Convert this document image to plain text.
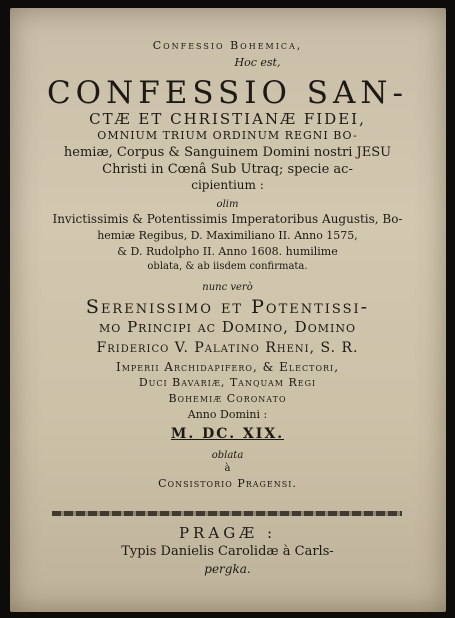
Confessio Bohemica,
Hoc est,
CONFESSIO SAN-
CTÆ ET CHRISTIANÆ FIDEI,
OMNIUM TRIUM ORDINUM REGNI BO-
hemiæ, Corpus & Sanguinem Domini nostri JESU
Christi in Cœnâ Sub Utraq; specie ac-
cipientium :
olim
Invictissimis & Potentissimis Imperatoribus Augustis, Bo-
hemiæ Regibus, D. Maximiliano II. Anno 1575,
& D. Rudolpho II. Anno 1608. humilime
oblata, & ab iisdem confirmata.
nunc verò
Serenissimo et Potentissi-
mo Principi ac Domino, Domino
Friderico V. Palatino Rheni, S. R.
Imperii Archidapifero, & Electori,
Duci Bavariæ, Tanquam Regi
Bohemiæ Coronato
Anno Domini :
M. DC. XIX.
oblata
à
Consistorio Pragensi.
PRAGÆ :
Typis Danielis Carolidæ à Carls-
pergka.
